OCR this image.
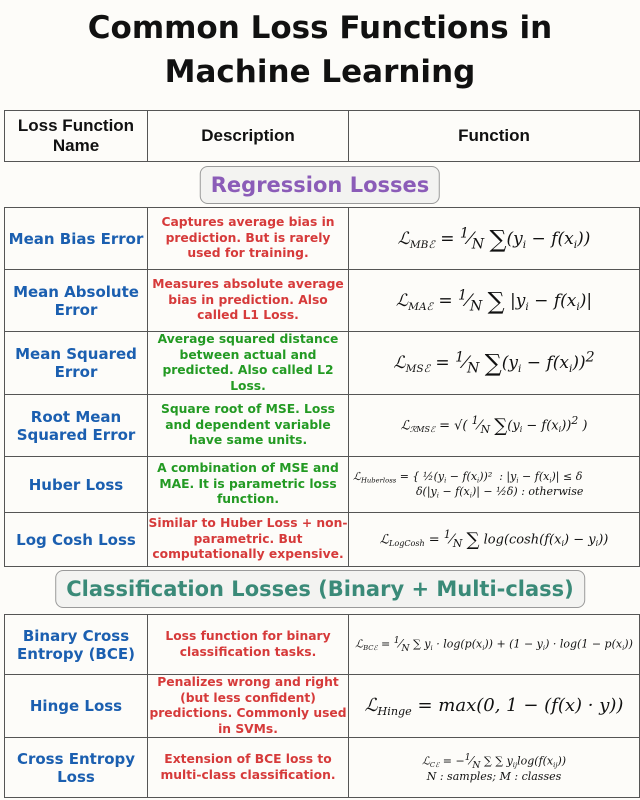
Common Loss Functions in
Machine Learning
Loss Function Name	Description	Function
Regression Losses
Mean Bias Error	Captures average bias in prediction. But is rarely used for training.	ℒ$_{MBℰ}$ = $^1⁄_N$ $\sum(y_i - f(x_i))$
Mean Absolute Error	Measures absolute average bias in prediction. Also called L1 Loss.	ℒ$_{MAℰ}$ = $^1⁄_N$ ∑ $|y_i - f(x_i)|$
Mean Squared Error	Average squared distance between actual and predicted. Also called L2 Loss.	ℒ$_{MSℰ}$ = $^1⁄_N$ $\sum(y_i - f(x_i))^2$
Root Mean Squared Error	Square root of MSE. Loss and dependent variable have same units.	ℒ$_{ℛMSℰ}$ = √( $^1⁄_N$ $\sum(y_i - f(x_i))^2$ )
Huber Loss	A combination of MSE and MAE. It is parametric loss function.	ℒ$_{Huberloss}$ = { $\frac{1}{2}(y_i - f(x_i))^2$  : $|y_i - f(x_i)| \le \delta$
$\delta(|y_i - f(x_i)|$ − ½δ) : otherwise
Log Cosh Loss	Similar to Huber Loss + non-parametric. But computationally expensive.	ℒ$_{LogCosh}$ = $^1⁄_N$ ∑ $\log(\cosh(f(x_i) - y_i))$
Classification Losses (Binary + Multi-class)
Binary Cross Entropy (BCE)	Loss function for binary classification tasks.	ℒ$_{BCℰ}$ = $^1⁄_N$ ∑ $y_i \cdot \log(p(x_i)) + (1 - y_i) \cdot \log(1 - p(x_i))$
Hinge Loss	Penalizes wrong and right (but less confident) predictions. Commonly used in SVMs.	ℒ$_{Hinge}$ = max(0, 1 − (f(x) · y))
Cross Entropy Loss	Extension of BCE loss to multi-class classification.	ℒ$_{Cℰ}$ = $-^1⁄_N$ ∑ ∑ $y_{ij}\log(f(x_{ij}))$
N : samples; M : classes
